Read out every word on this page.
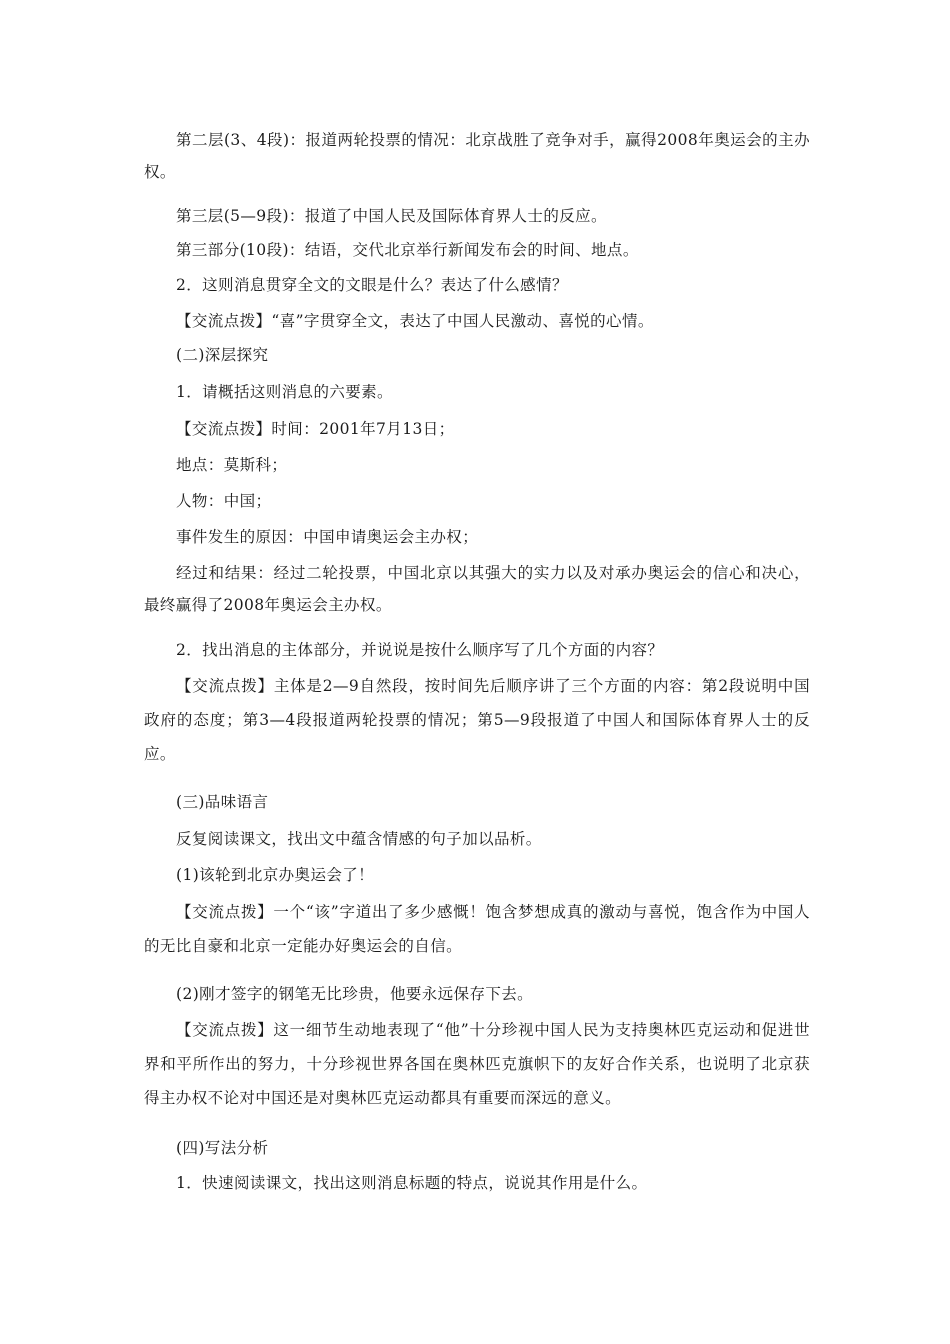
第二层(3、4段)：报道两轮投票的情况：北京战胜了竞争对手，赢得2008年奥运会的主办权。
第三层(5—9段)：报道了中国人民及国际体育界人士的反应。
第三部分(10段)：结语，交代北京举行新闻发布会的时间、地点。
2．这则消息贯穿全文的文眼是什么？表达了什么感情？
【交流点拨】“喜”字贯穿全文，表达了中国人民激动、喜悦的心情。
(二)深层探究
1．请概括这则消息的六要素。
【交流点拨】时间：2001年7月13日；
地点：莫斯科；
人物：中国；
事件发生的原因：中国申请奥运会主办权；
经过和结果：经过二轮投票，中国北京以其强大的实力以及对承办奥运会的信心和决心，最终赢得了2008年奥运会主办权。
2．找出消息的主体部分，并说说是按什么顺序写了几个方面的内容？
【交流点拨】主体是2—9自然段，按时间先后顺序讲了三个方面的内容：第2段说明中国政府的态度；第3—4段报道两轮投票的情况；第5—9段报道了中国人和国际体育界人士的反应。
(三)品味语言
反复阅读课文，找出文中蕴含情感的句子加以品析。
(1)该轮到北京办奥运会了！
【交流点拨】一个“该”字道出了多少感慨！饱含梦想成真的激动与喜悦，饱含作为中国人的无比自豪和北京一定能办好奥运会的自信。
(2)刚才签字的钢笔无比珍贵，他要永远保存下去。
【交流点拨】这一细节生动地表现了“他”十分珍视中国人民为支持奥林匹克运动和促进世界和平所作出的努力，十分珍视世界各国在奥林匹克旗帜下的友好合作关系，也说明了北京获得主办权不论对中国还是对奥林匹克运动都具有重要而深远的意义。
(四)写法分析
1．快速阅读课文，找出这则消息标题的特点，说说其作用是什么。
